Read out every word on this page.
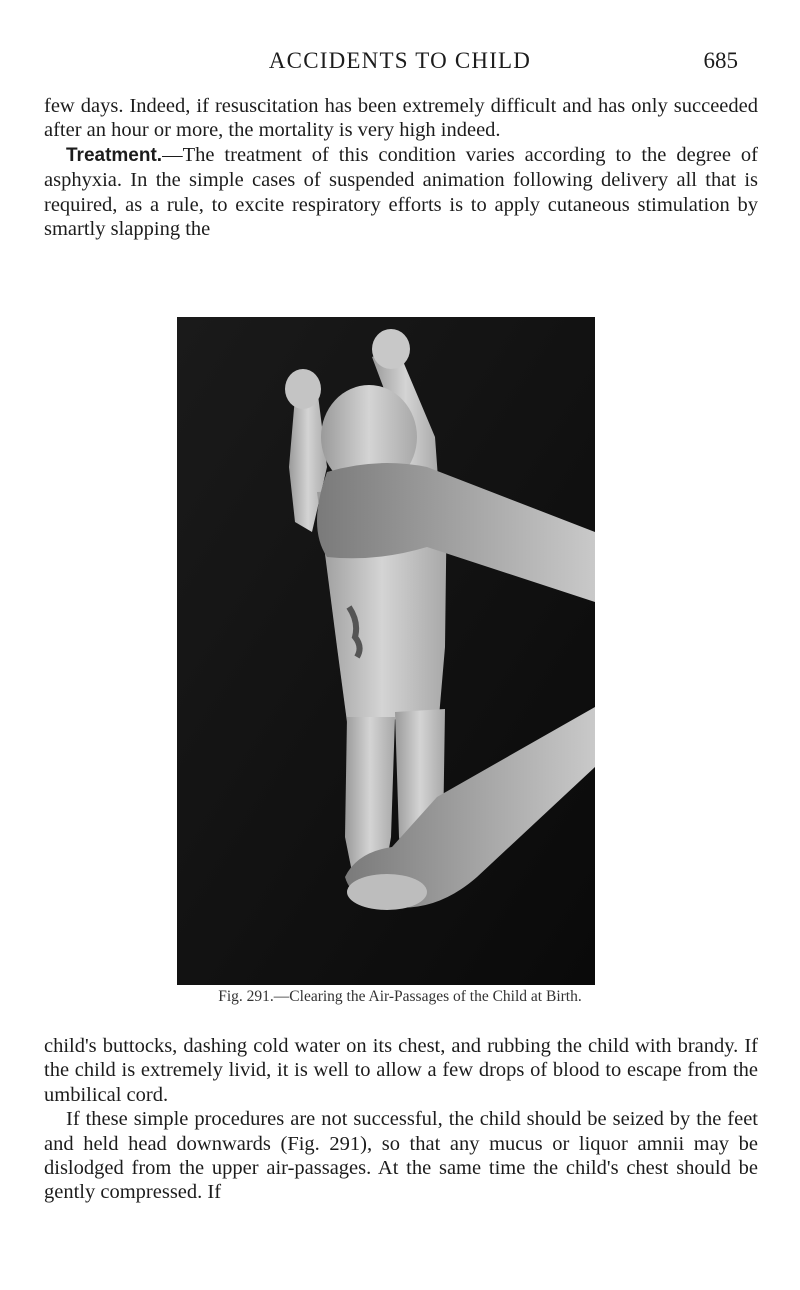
ACCIDENTS TO CHILD	685

few days. Indeed, if resuscitation has been extremely difficult and has only succeeded after an hour or more, the mortality is very high indeed.

Treatment.—The treatment of this condition varies according to the degree of asphyxia. In the simple cases of suspended animation following delivery all that is required, as a rule, to excite respiratory efforts is to apply cutaneous stimulation by smartly slapping the

Fig. 291.—Clearing the Air-Passages of the Child at Birth.

child's buttocks, dashing cold water on its chest, and rubbing the child with brandy. If the child is extremely livid, it is well to allow a few drops of blood to escape from the umbilical cord.

If these simple procedures are not successful, the child should be seized by the feet and held head downwards (Fig. 291), so that any mucus or liquor amnii may be dislodged from the upper air-passages. At the same time the child's chest should be gently compressed. If
